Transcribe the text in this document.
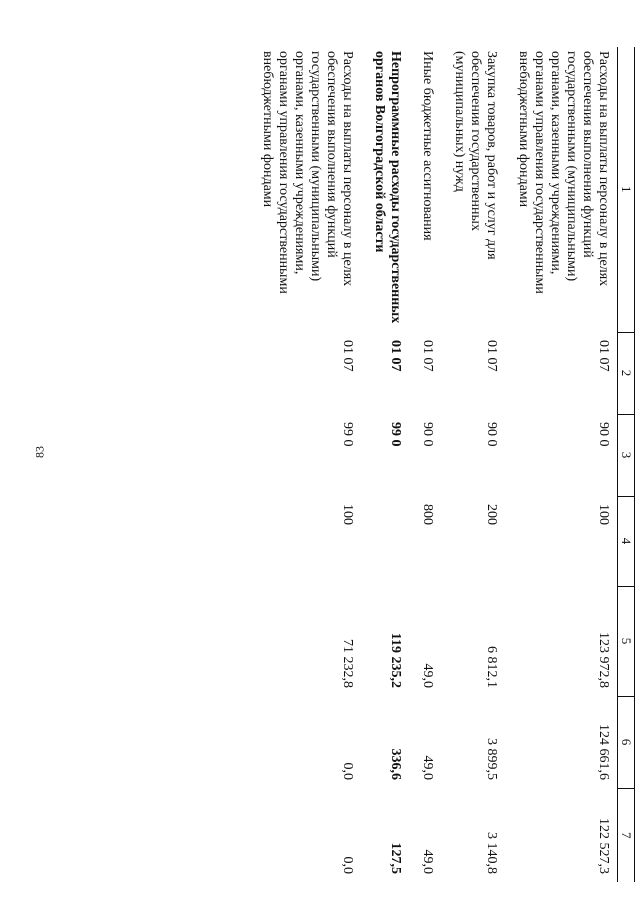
83
1	2	3	4	5	6	7
Расходы на выплаты персоналу в целях обеспечения выполнения функций государственными (муниципальными) органами, казенными учреждениями, органами управления государственными внебюджетными фондами	01 07	90 0	100	123 972,8	124 661,6	122 527,3
Закупка товаров, работ и услуг для обеспечения государственных (муниципальных) нужд	01 07	90 0	200	6 812,1	3 899,5	3 140,8
Иные бюджетные ассигнования	01 07	90 0	800	49,0	49,0	49,0
Непрограммные расходы государственных органов Волгоградской области	01 07	99 0		119 235,2	336,6	127,5
Расходы на выплаты персоналу в целях обеспечения выполнения функций государственными (муниципальными) органами, казенными учреждениями, органами управления государственными внебюджетными фондами	01 07	99 0	100	71 232,8	0,0	0,0
